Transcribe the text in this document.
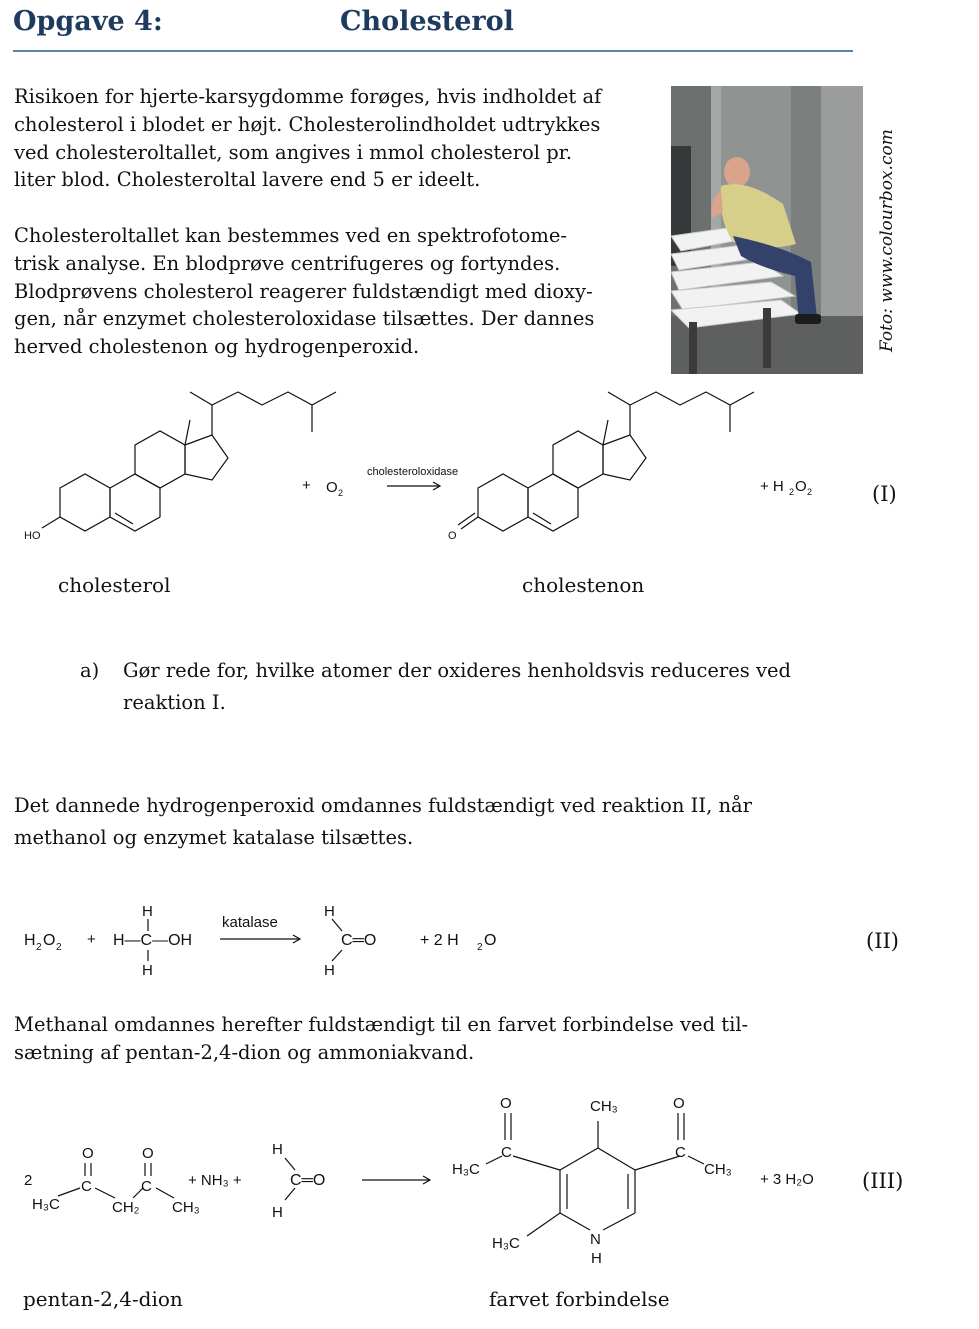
Opgave 4:	Cholesterol
Risikoen for hjerte-karsygdomme forøges, hvis indholdet af
cholesterol i blodet er højt. Cholesterolindholdet udtrykkes
ved cholesteroltallet, som angives i mmol cholesterol pr.
liter blod. Cholesteroltal lavere end 5 er ideelt.
Cholesteroltallet kan bestemmes ved en spektrofotome-
trisk analyse. En blodprøve centrifugeres og fortyndes.
Blodprøvens cholesterol reagerer fuldstændigt med dioxy-
gen, når enzymet cholesteroloxidase tilsættes. Der dannes
herved cholestenon og hydrogenperoxid.	Foto: www.colourbox.com
HO
+ O 2
cholesteroloxidase
O
+ H 2 O 2	(I)
cholesterol	cholestenon
a) Gør rede for, hvilke atomer der oxideres henholdsvis reduceres ved
reaktion I.
Det dannede hydrogenperoxid omdannes fuldstændigt ved reaktion II, når
methanol og enzymet katalase tilsættes.
H 2 O 2 +
H
H—C—OH
H
katalase
H
C═O
H
+ 2 H 2 O	(II)
Methanal omdannes herefter fuldstændigt til en farvet forbindelse ved til-
sætning af pentan-2,4-dion og ammoniakvand.
2
O	O
C	C
H₃C	CH₂ CH₃
+ NH₃ +
H
C═O
H
O	O
CH₃
C	C
H₃C	CH₃
H₃C	N
H
+ 3 H₂O (III)
pentan-2,4-dion	farvet forbindelse
